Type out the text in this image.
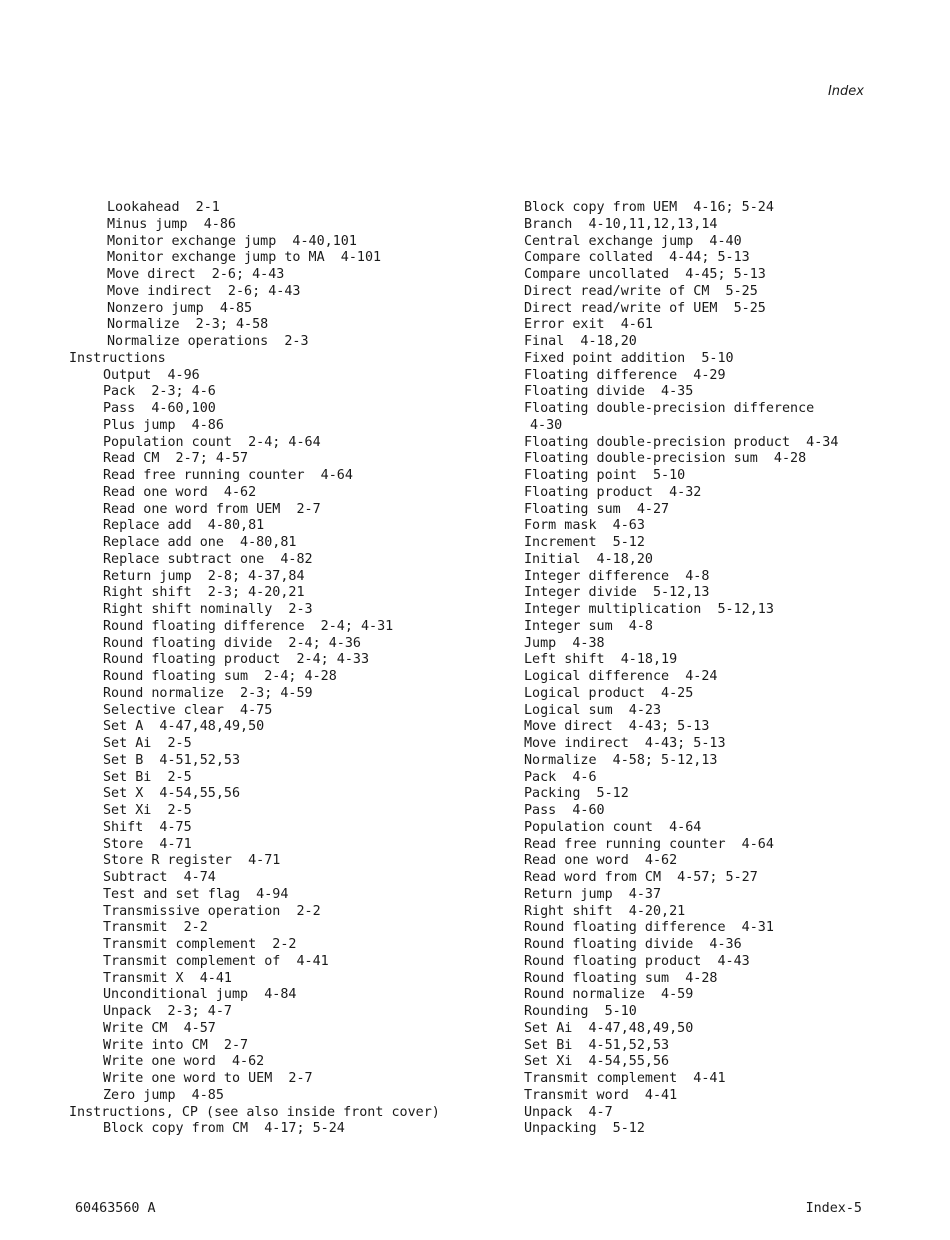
Index
Lookahead  2-1
Minus jump  4-86
Monitor exchange jump  4-40,101
Monitor exchange jump to MA  4-101
Move direct  2-6; 4-43
Move indirect  2-6; 4-43
Nonzero jump  4-85
Normalize  2-3; 4-58
Normalize operations  2-3
Instructions
Output  4-96
Pack  2-3; 4-6
Pass  4-60,100
Plus jump  4-86
Population count  2-4; 4-64
Read CM  2-7; 4-57
Read free running counter  4-64
Read one word  4-62
Read one word from UEM  2-7
Replace add  4-80,81
Replace add one  4-80,81
Replace subtract one  4-82
Return jump  2-8; 4-37,84
Right shift  2-3; 4-20,21
Right shift nominally  2-3
Round floating difference  2-4; 4-31
Round floating divide  2-4; 4-36
Round floating product  2-4; 4-33
Round floating sum  2-4; 4-28
Round normalize  2-3; 4-59
Selective clear  4-75
Set A  4-47,48,49,50
Set Ai  2-5
Set B  4-51,52,53
Set Bi  2-5
Set X  4-54,55,56
Set Xi  2-5
Shift  4-75
Store  4-71
Store R register  4-71
Subtract  4-74
Test and set flag  4-94
Transmissive operation  2-2
Transmit  2-2
Transmit complement  2-2
Transmit complement of  4-41
Transmit X  4-41
Unconditional jump  4-84
Unpack  2-3; 4-7
Write CM  4-57
Write into CM  2-7
Write one word  4-62
Write one word to UEM  2-7
Zero jump  4-85
Instructions, CP (see also inside front cover)
Block copy from CM  4-17; 5-24
Block copy from UEM  4-16; 5-24
Branch  4-10,11,12,13,14
Central exchange jump  4-40
Compare collated  4-44; 5-13
Compare uncollated  4-45; 5-13
Direct read/write of CM  5-25
Direct read/write of UEM  5-25
Error exit  4-61
Final  4-18,20
Fixed point addition  5-10
Floating difference  4-29
Floating divide  4-35
Floating double-precision difference
4-30
Floating double-precision product  4-34
Floating double-precision sum  4-28
Floating point  5-10
Floating product  4-32
Floating sum  4-27
Form mask  4-63
Increment  5-12
Initial  4-18,20
Integer difference  4-8
Integer divide  5-12,13
Integer multiplication  5-12,13
Integer sum  4-8
Jump  4-38
Left shift  4-18,19
Logical difference  4-24
Logical product  4-25
Logical sum  4-23
Move direct  4-43; 5-13
Move indirect  4-43; 5-13
Normalize  4-58; 5-12,13
Pack  4-6
Packing  5-12
Pass  4-60
Population count  4-64
Read free running counter  4-64
Read one word  4-62
Read word from CM  4-57; 5-27
Return jump  4-37
Right shift  4-20,21
Round floating difference  4-31
Round floating divide  4-36
Round floating product  4-43
Round floating sum  4-28
Round normalize  4-59
Rounding  5-10
Set Ai  4-47,48,49,50
Set Bi  4-51,52,53
Set Xi  4-54,55,56
Transmit complement  4-41
Transmit word  4-41
Unpack  4-7
Unpacking  5-12
60463560 A	Index-5
